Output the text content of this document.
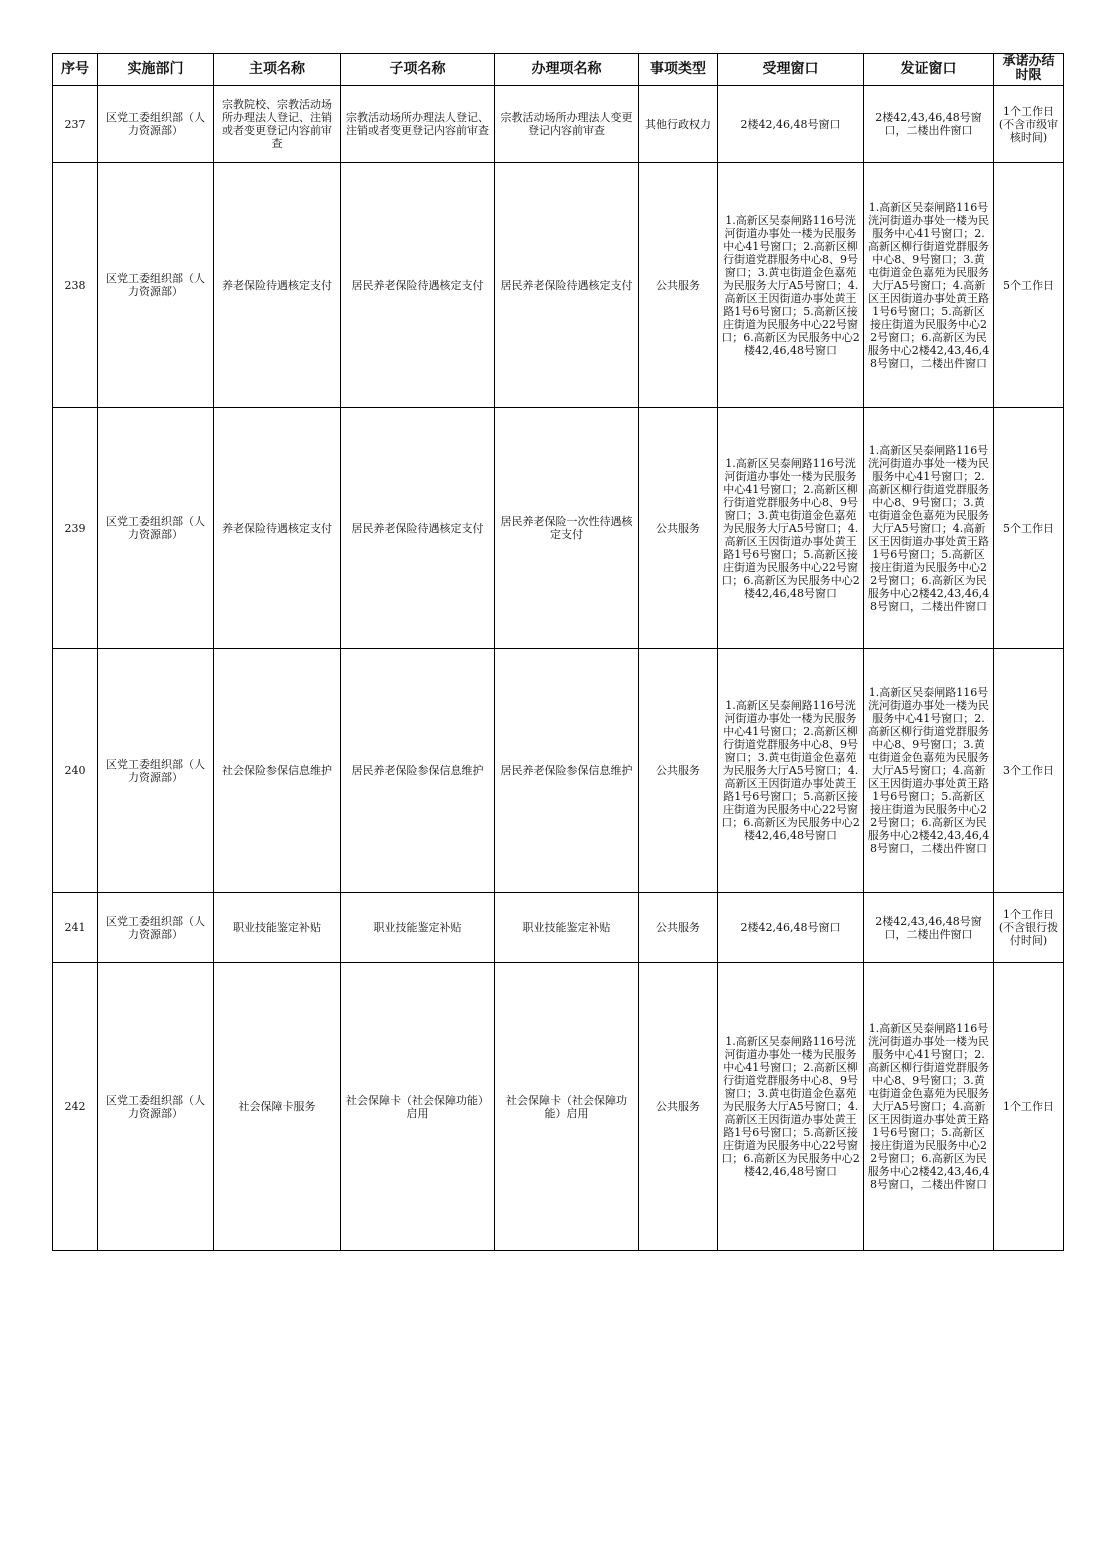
序号	实施部门	主项名称	子项名称	办理项名称	事项类型	受理窗口	发证窗口	承诺办结时限
237	区党工委组织部（人力资源部）	宗教院校、宗教活动场所办理法人登记、注销或者变更登记内容前审查	宗教活动场所办理法人登记、注销或者变更登记内容前审查	宗教活动场所办理法人变更登记内容前审查	其他行政权力	2楼42,46,48号窗口	2楼42,43,46,48号窗口，二楼出件窗口	1个工作日(不含市级审核时间)
238	区党工委组织部（人力资源部）	养老保险待遇核定支付	居民养老保险待遇核定支付	居民养老保险待遇核定支付	公共服务	1.高新区吴泰闸路116号洸河街道办事处一楼为民服务中心41号窗口；2.高新区柳行街道党群服务中心8、9号窗口；3.黄屯街道金色嘉苑为民服务大厅A5号窗口；4.高新区王因街道办事处黄王路1号6号窗口；5.高新区接庄街道为民服务中心22号窗口；6.高新区为民服务中心2楼42,46,48号窗口	1.高新区吴泰闸路116号洸河街道办事处一楼为民服务中心41号窗口；2.高新区柳行街道党群服务中心8、9号窗口；3.黄屯街道金色嘉苑为民服务大厅A5号窗口；4.高新区王因街道办事处黄王路1号6号窗口；5.高新区接庄街道为民服务中心22号窗口；6.高新区为民服务中心2楼42,43,46,48号窗口，二楼出件窗口	5个工作日
239	区党工委组织部（人力资源部）	养老保险待遇核定支付	居民养老保险待遇核定支付	居民养老保险一次性待遇核定支付	公共服务	1.高新区吴泰闸路116号洸河街道办事处一楼为民服务中心41号窗口；2.高新区柳行街道党群服务中心8、9号窗口；3.黄屯街道金色嘉苑为民服务大厅A5号窗口；4.高新区王因街道办事处黄王路1号6号窗口；5.高新区接庄街道为民服务中心22号窗口；6.高新区为民服务中心2楼42,46,48号窗口	1.高新区吴泰闸路116号洸河街道办事处一楼为民服务中心41号窗口；2.高新区柳行街道党群服务中心8、9号窗口；3.黄屯街道金色嘉苑为民服务大厅A5号窗口；4.高新区王因街道办事处黄王路1号6号窗口；5.高新区接庄街道为民服务中心22号窗口；6.高新区为民服务中心2楼42,43,46,48号窗口，二楼出件窗口	5个工作日
240	区党工委组织部（人力资源部）	社会保险参保信息维护	居民养老保险参保信息维护	居民养老保险参保信息维护	公共服务	1.高新区吴泰闸路116号洸河街道办事处一楼为民服务中心41号窗口；2.高新区柳行街道党群服务中心8、9号窗口；3.黄屯街道金色嘉苑为民服务大厅A5号窗口；4.高新区王因街道办事处黄王路1号6号窗口；5.高新区接庄街道为民服务中心22号窗口；6.高新区为民服务中心2楼42,46,48号窗口	1.高新区吴泰闸路116号洸河街道办事处一楼为民服务中心41号窗口；2.高新区柳行街道党群服务中心8、9号窗口；3.黄屯街道金色嘉苑为民服务大厅A5号窗口；4.高新区王因街道办事处黄王路1号6号窗口；5.高新区接庄街道为民服务中心22号窗口；6.高新区为民服务中心2楼42,43,46,48号窗口，二楼出件窗口	3个工作日
241	区党工委组织部（人力资源部）	职业技能鉴定补贴	职业技能鉴定补贴	职业技能鉴定补贴	公共服务	2楼42,46,48号窗口	2楼42,43,46,48号窗口，二楼出件窗口	1个工作日(不含银行拨付时间)
242	区党工委组织部（人力资源部）	社会保障卡服务	社会保障卡（社会保障功能）启用	社会保障卡（社会保障功能）启用	公共服务	1.高新区吴泰闸路116号洸河街道办事处一楼为民服务中心41号窗口；2.高新区柳行街道党群服务中心8、9号窗口；3.黄屯街道金色嘉苑为民服务大厅A5号窗口；4.高新区王因街道办事处黄王路1号6号窗口；5.高新区接庄街道为民服务中心22号窗口；6.高新区为民服务中心2楼42,46,48号窗口	1.高新区吴泰闸路116号洸河街道办事处一楼为民服务中心41号窗口；2.高新区柳行街道党群服务中心8、9号窗口；3.黄屯街道金色嘉苑为民服务大厅A5号窗口；4.高新区王因街道办事处黄王路1号6号窗口；5.高新区接庄街道为民服务中心22号窗口；6.高新区为民服务中心2楼42,43,46,48号窗口，二楼出件窗口	1个工作日
